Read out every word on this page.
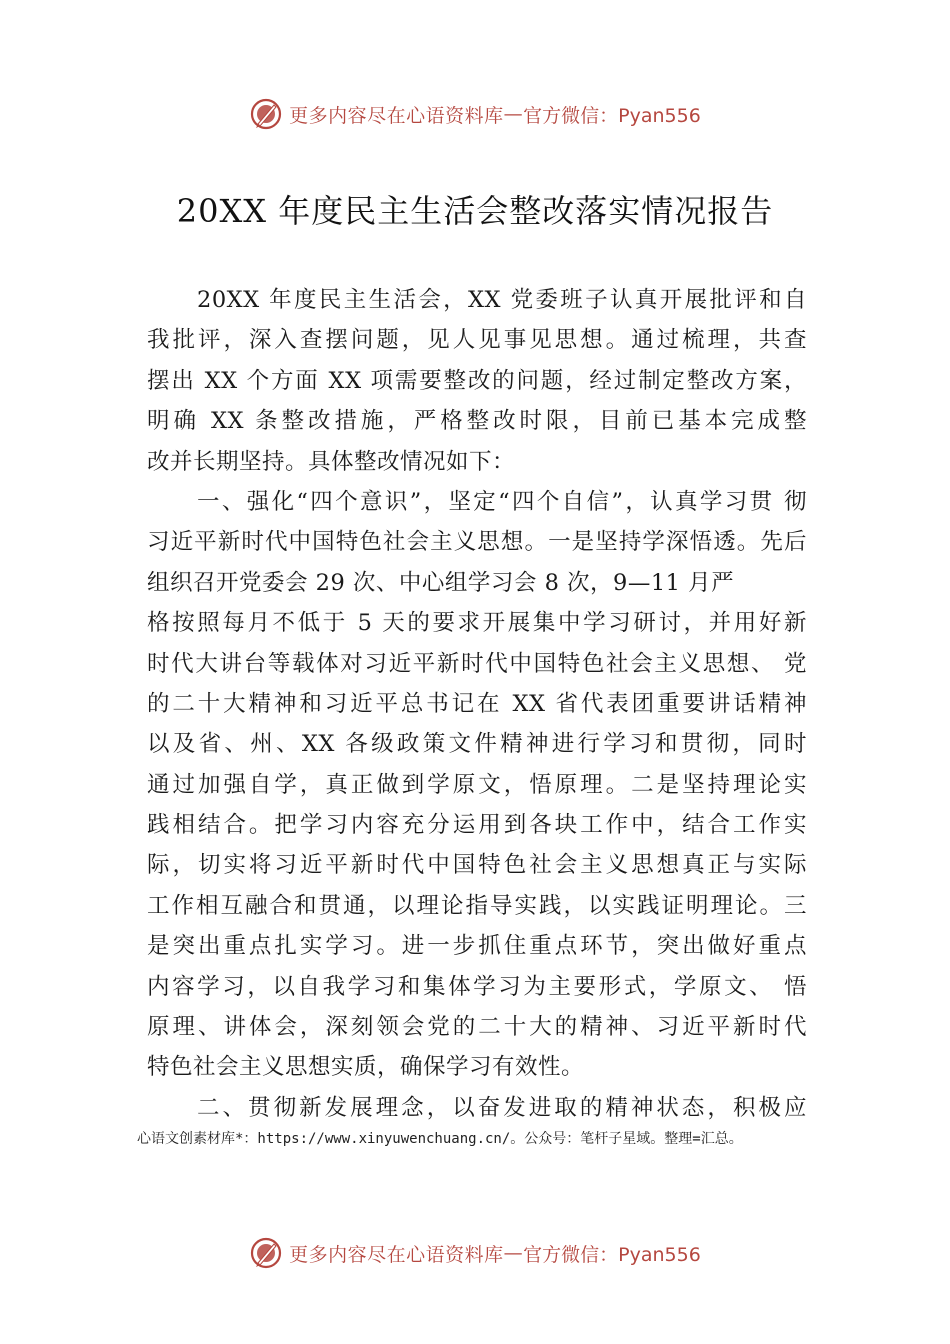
更多内容尽在心语资料库 — 官方微信：Pyan556
20XX 年度民主生活会整改落实情况报告
20XX 年度民主生活会，XX 党委班子认真开展批评和自
我批评，深入查摆问题，见人见事见思想。通过梳理，共查
摆出 XX 个方面 XX 项需要整改的问题，经过制定整改方案，
明确 XX 条整改措施，严格整改时限，目前已基本完成整
改并长期坚持。具体整改情况如下：
一、强化“四个意识”，坚定“四个自信”，认真学习贯 彻
习近平新时代中国特色社会主义思想。一是坚持学深悟透。先后
组织召开党委会 29 次、中心组学习会 8 次，9—11 月严
格按照每月不低于 5 天的要求开展集中学习研讨，并用好新
时代大讲台等载体对习近平新时代中国特色社会主义思想、 党
的二十大精神和习近平总书记在 XX 省代表团重要讲话精神
以及省、州、XX 各级政策文件精神进行学习和贯彻，同时
通过加强自学，真正做到学原文，悟原理。二是坚持理论实
践相结合。把学习内容充分运用到各块工作中，结合工作实
际，切实将习近平新时代中国特色社会主义思想真正与实际
工作相互融合和贯通，以理论指导实践，以实践证明理论。三
是突出重点扎实学习。进一步抓住重点环节，突出做好重点
内容学习，以自我学习和集体学习为主要形式，学原文、 悟
原理、讲体会，深刻领会党的二十大的精神、习近平新时代
特色社会主义思想实质，确保学习有效性。
二、贯彻新发展理念，以奋发进取的精神状态，积极应
心语文创素材库*：https://www.xinyuwenchuang.cn/。公众号：笔杆子星域。整理=汇总。
更多内容尽在心语资料库 — 官方微信：Pyan556
